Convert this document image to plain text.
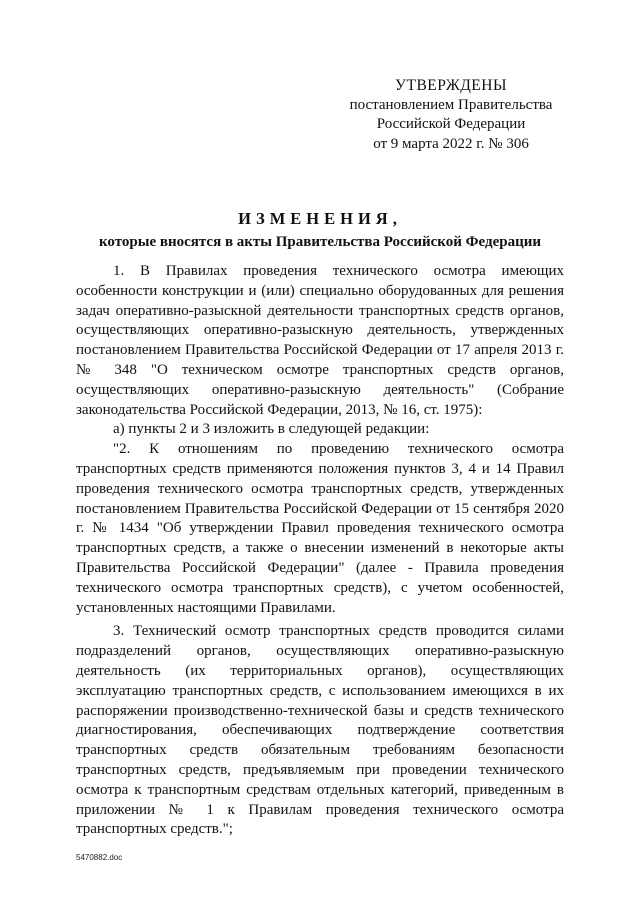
УТВЕРЖДЕНЫ
постановлением Правительства
Российской Федерации
от 9 марта 2022 г. № 306
ИЗМЕНЕНИЯ,
которые вносятся в акты Правительства Российской Федерации

1. В Правилах проведения технического осмотра имеющих особенности конструкции и (или) специально оборудованных для решения задач оперативно-разыскной деятельности транспортных средств органов, осуществляющих оперативно-разыскную деятельность, утвержденных постановлением Правительства Российской Федерации от 17 апреля 2013 г. № 348 "О техническом осмотре транспортных средств органов, осуществляющих оперативно-разыскную деятельность" (Собрание законодательства Российской Федерации, 2013, № 16, ст. 1975):

а) пункты 2 и 3 изложить в следующей редакции:

"2. К отношениям по проведению технического осмотра транспортных средств применяются положения пунктов 3, 4 и 14 Правил проведения технического осмотра транспортных средств, утвержденных постановлением Правительства Российской Федерации от 15 сентября 2020 г. № 1434 "Об утверждении Правил проведения технического осмотра транспортных средств, а также о внесении изменений в некоторые акты Правительства Российской Федерации" (далее - Правила проведения технического осмотра транспортных средств), с учетом особенностей, установленных настоящими Правилами.

3. Технический осмотр транспортных средств проводится силами подразделений органов, осуществляющих оперативно-разыскную деятельность (их территориальных органов), осуществляющих эксплуатацию транспортных средств, с использованием имеющихся в их распоряжении производственно-технической базы и средств технического диагностирования, обеспечивающих подтверждение соответствия транспортных средств обязательным требованиям безопасности транспортных средств, предъявляемым при проведении технического осмотра к транспортным средствам отдельных категорий, приведенным в приложении № 1 к Правилам проведения технического осмотра транспортных средств.";

5470882.doc
